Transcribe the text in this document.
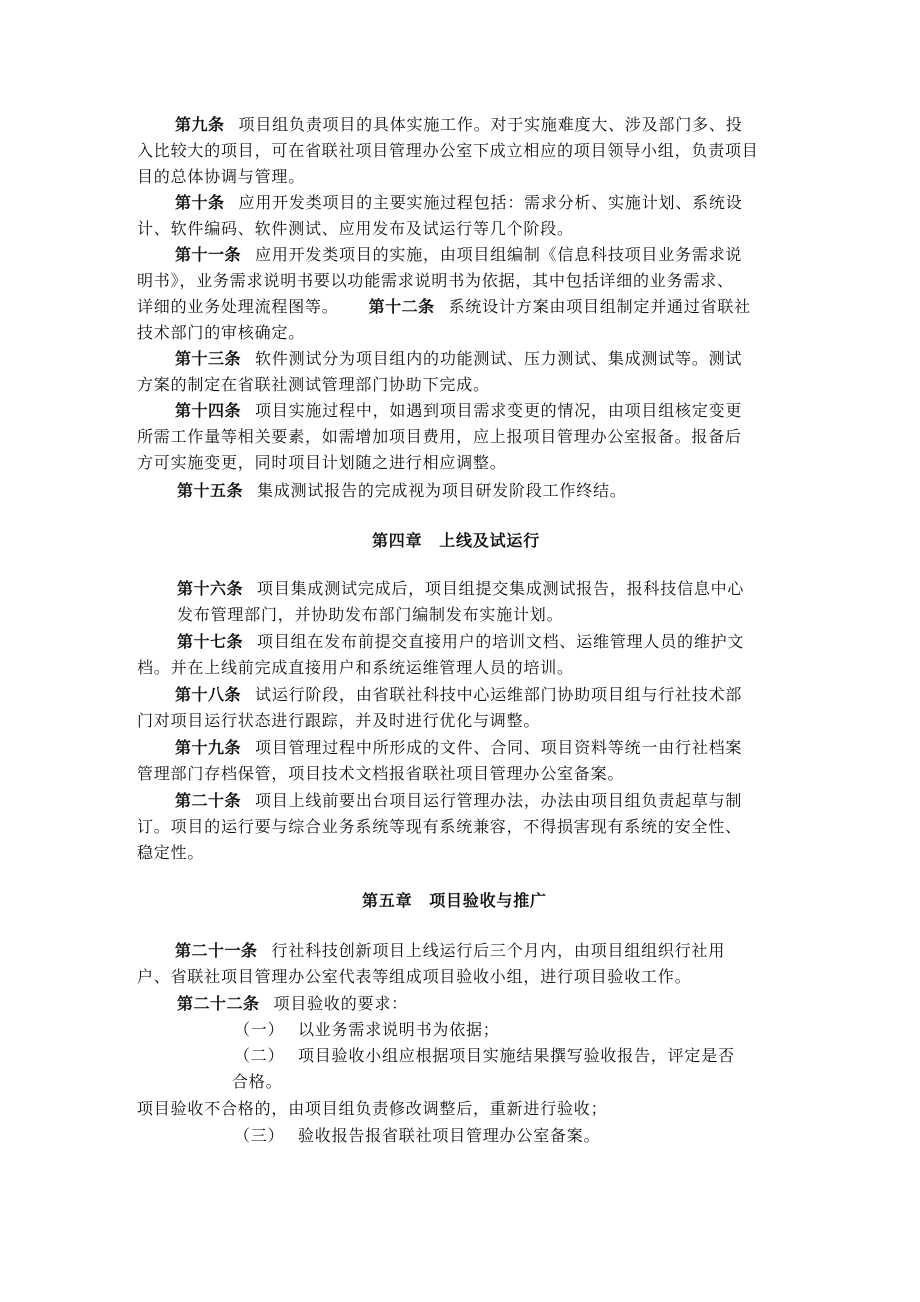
第九条 项目组负责项目的具体实施工作。对于实施难度大、涉及部门多、投
入比较大的项目，可在省联社项目管理办公室下成立相应的项目领导小组，负责项目
目的总体协调与管理。
第十条 应用开发类项目的主要实施过程包括：需求分析、实施计划、系统设
计、软件编码、软件测试、应用发布及试运行等几个阶段。
第十一条 应用开发类项目的实施，由项目组编制《信息科技项目业务需求说
明书》，业务需求说明书要以功能需求说明书为依据，其中包括详细的业务需求、
详细的业务处理流程图等。 第十二条 系统设计方案由项目组制定并通过省联社
技术部门的审核确定。
第十三条 软件测试分为项目组内的功能测试、压力测试、集成测试等。测试
方案的制定在省联社测试管理部门协助下完成。
第十四条 项目实施过程中，如遇到项目需求变更的情况，由项目组核定变更
所需工作量等相关要素，如需增加项目费用，应上报项目管理办公室报备。报备后
方可实施变更，同时项目计划随之进行相应调整。
第十五条 集成测试报告的完成视为项目研发阶段工作终结。
第四章　上线及试运行
第十六条 项目集成测试完成后，项目组提交集成测试报告，报科技信息中心
发布管理部门，并协助发布部门编制发布实施计划。
第十七条 项目组在发布前提交直接用户的培训文档、运维管理人员的维护文
档。并在上线前完成直接用户和系统运维管理人员的培训。
第十八条 试运行阶段，由省联社科技中心运维部门协助项目组与行社技术部
门对项目运行状态进行跟踪，并及时进行优化与调整。
第十九条 项目管理过程中所形成的文件、合同、项目资料等统一由行社档案
管理部门存档保管，项目技术文档报省联社项目管理办公室备案。
第二十条 项目上线前要出台项目运行管理办法，办法由项目组负责起草与制
订。项目的运行要与综合业务系统等现有系统兼容，不得损害现有系统的安全性、
稳定性。
第五章　项目验收与推广
第二十一条 行社科技创新项目上线运行后三个月内，由项目组组织行社用
户、省联社项目管理办公室代表等组成项目验收小组，进行项目验收工作。
第二十二条 项目验收的要求：
（一） 以业务需求说明书为依据；
（二） 项目验收小组应根据项目实施结果撰写验收报告，评定是否
合格。
项目验收不合格的，由项目组负责修改调整后，重新进行验收；
（三） 验收报告报省联社项目管理办公室备案。
